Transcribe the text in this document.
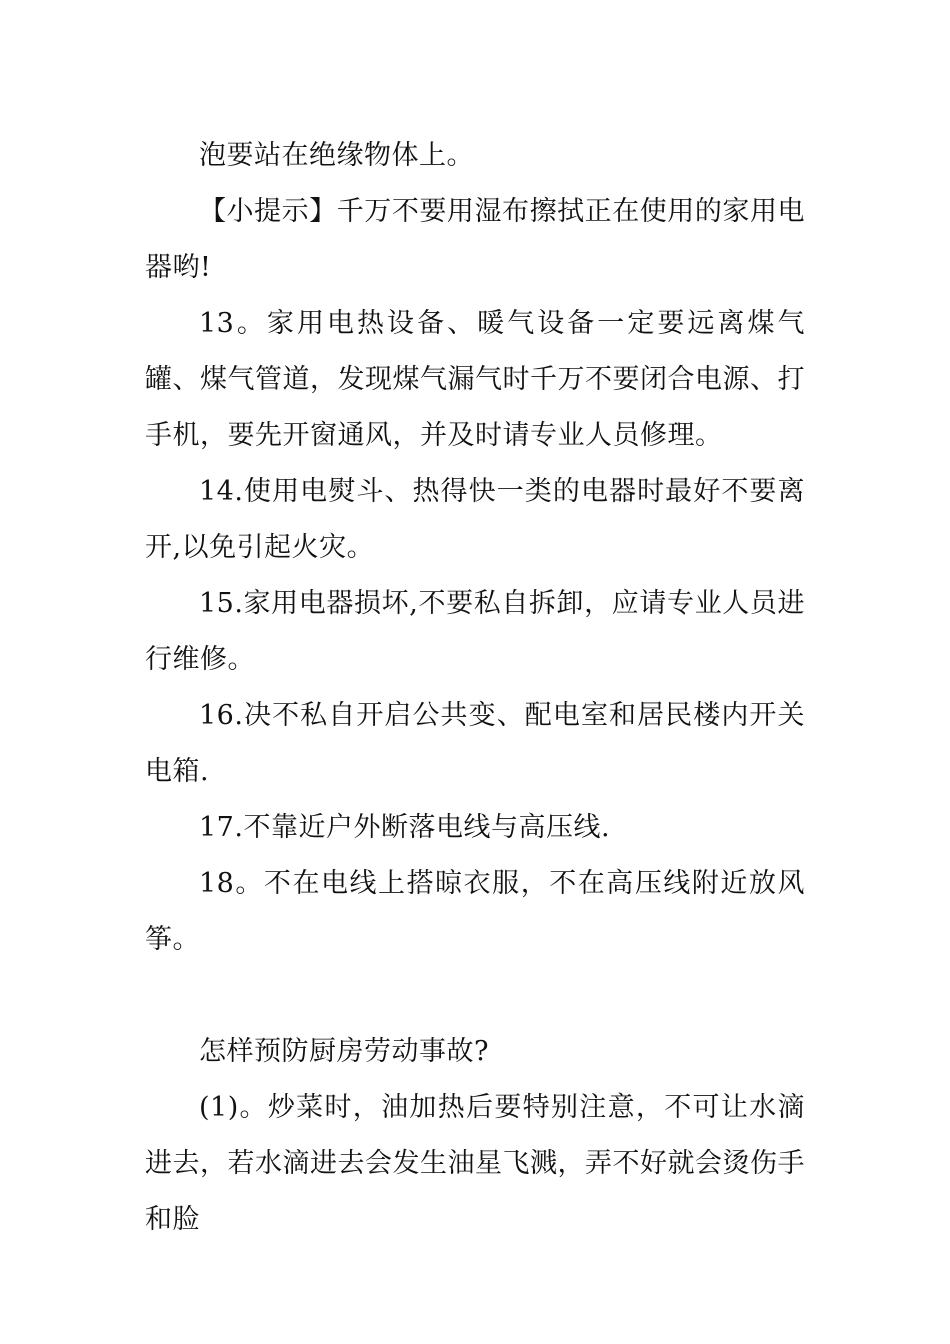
泡要站在绝缘物体上。

【小提示】千万不要用湿布擦拭正在使用的家用电器哟!

13。家用电热设备、暖气设备一定要远离煤气罐、煤气管道，发现煤气漏气时千万不要闭合电源、打手机，要先开窗通风，并及时请专业人员修理。

14.使用电熨斗、热得快一类的电器时最好不要离开,以免引起火灾。

15.家用电器损坏,不要私自拆卸，应请专业人员进行维修。

16.决不私自开启公共变、配电室和居民楼内开关电箱.

17.不靠近户外断落电线与高压线.

18。不在电线上搭晾衣服，不在高压线附近放风筝。

怎样预防厨房劳动事故?

(1)。炒菜时，油加热后要特别注意，不可让水滴进去，若水滴进去会发生油星飞溅，弄不好就会烫伤手和脸
